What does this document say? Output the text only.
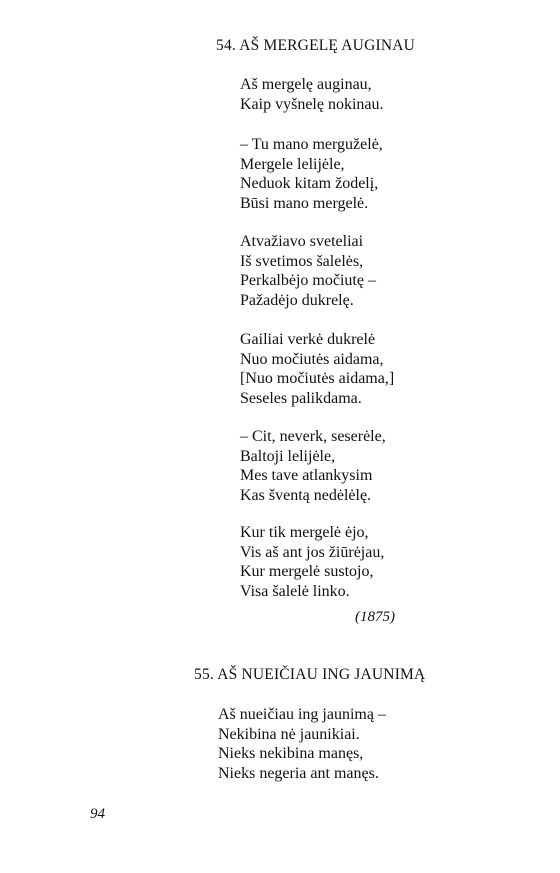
54. AŠ MERGELĘ AUGINAU
Aš mergelę auginau,
Kaip vyšnelę nokinau.
– Tu mano merguželė,
Mergele lelijėle,
Neduok kitam žodelį,
Būsi mano mergelė.
Atvažiavo sveteliai
Iš svetimos šalelės,
Perkalbėjo močiutę –
Pažadėjo dukrelę.
Gailiai verkė dukrelė
Nuo močiutės aidama,
[Nuo močiutės aidama,]
Seseles palikdama.
– Cit, neverk, seserėle,
Baltoji lelijėle,
Mes tave atlankysim
Kas šventą nedėlėlę.
Kur tik mergelė ėjo,
Vis aš ant jos žiūrėjau,
Kur mergelė sustojo,
Visa šalelė linko.
(1875)
55. AŠ NUEIČIAU ING JAUNIMĄ
Aš nueičiau ing jaunimą –
Nekibina nė jaunikiai.
Nieks nekibina manęs,
Nieks negeria ant manęs.
94
